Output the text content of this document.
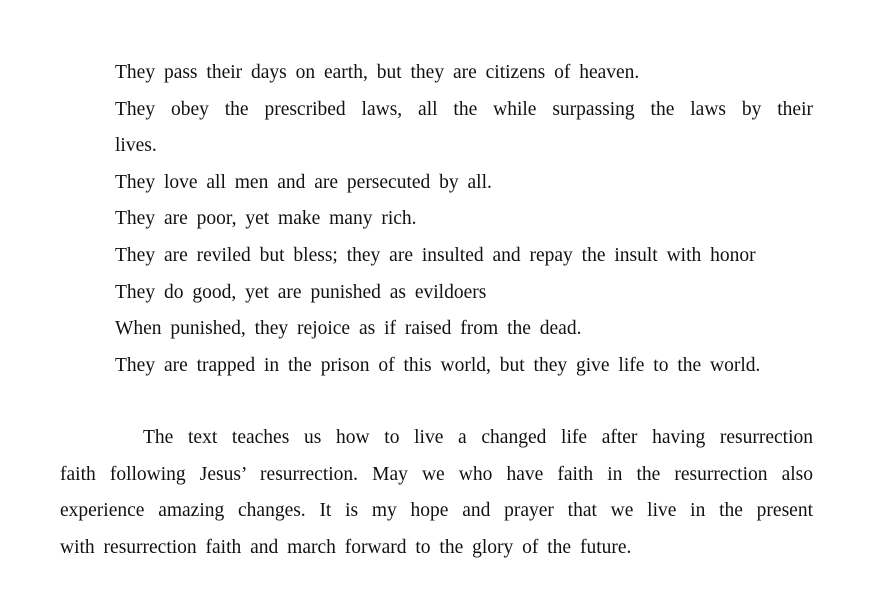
They pass their days on earth, but they are citizens of heaven.
They obey the prescribed laws, all the while surpassing the laws by their
lives.
They love all men and are persecuted by all.
They are poor, yet make many rich.
They are reviled but bless; they are insulted and repay the insult with honor
They do good, yet are punished as evildoers
When punished, they rejoice as if raised from the dead.
They are trapped in the prison of this world, but they give life to the world.
The text teaches us how to live a changed life after having resurrection
faith following Jesus’ resurrection. May we who have faith in the resurrection also
experience amazing changes. It is my hope and prayer that we live in the present
with resurrection faith and march forward to the glory of the future.
